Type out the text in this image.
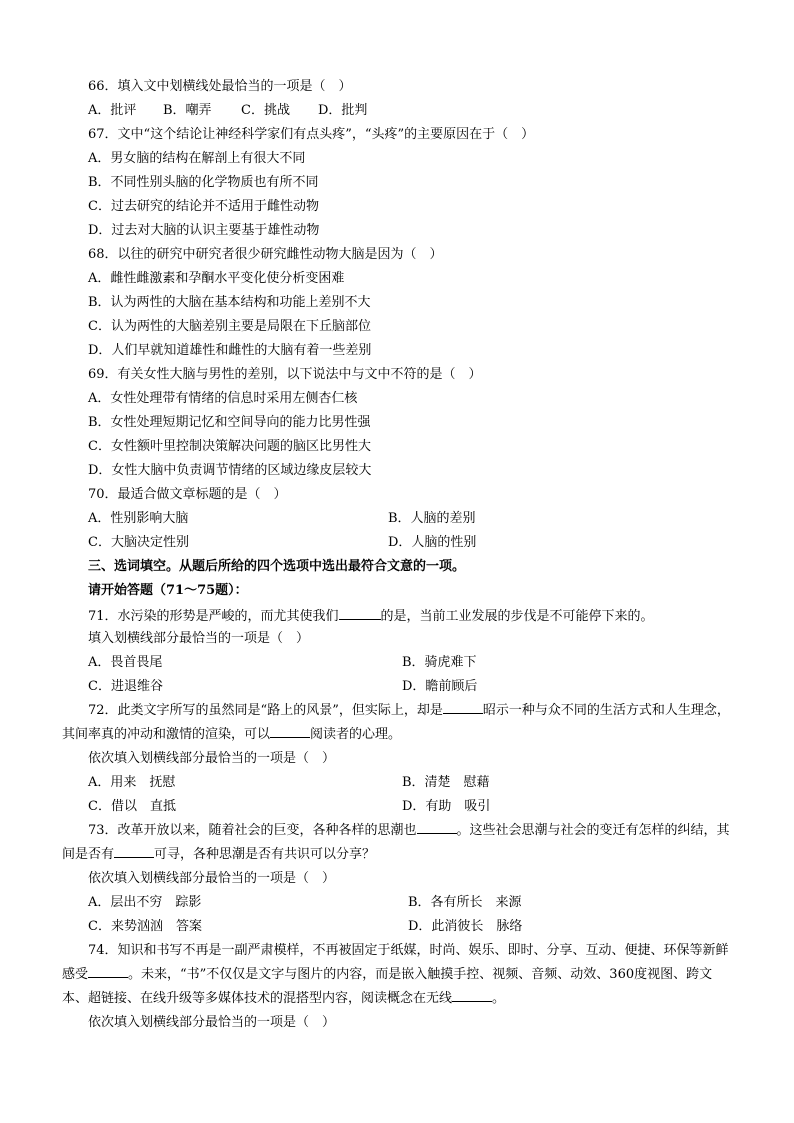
66．填入文中划横线处最恰当的一项是（　）
A．批评 B．嘲弄 C．挑战 D．批判
67．文中“这个结论让神经科学家们有点头疼”，“头疼”的主要原因在于（　）
A．男女脑的结构在解剖上有很大不同
B．不同性别头脑的化学物质也有所不同
C．过去研究的结论并不适用于雌性动物
D．过去对大脑的认识主要基于雄性动物
68．以往的研究中研究者很少研究雌性动物大脑是因为（　）
A．雌性雌激素和孕酮水平变化使分析变困难
B．认为两性的大脑在基本结构和功能上差别不大
C．认为两性的大脑差别主要是局限在下丘脑部位
D．人们早就知道雄性和雌性的大脑有着一些差别
69．有关女性大脑与男性的差别，以下说法中与文中不符的是（　）
A．女性处理带有情绪的信息时采用左侧杏仁核
B．女性处理短期记忆和空间导向的能力比男性强
C．女性额叶里控制决策解决问题的脑区比男性大
D．女性大脑中负责调节情绪的区域边缘皮层较大
70．最适合做文章标题的是（　）
A．性别影响大脑	B．人脑的差别
C．大脑决定性别	D．人脑的性别
三、选词填空。从题后所给的四个选项中选出最符合文意的一项。
请开始答题（71～75题）：
71．水污染的形势是严峻的，而尤其使我们	的是，当前工业发展的步伐是不可能停下来的。
填入划横线部分最恰当的一项是（　）
A．畏首畏尾	B．骑虎难下
C．进退维谷	D．瞻前顾后
72．此类文字所写的虽然同是“路上的风景”，但实际上，却是	昭示一种与众不同的生活方式和人生理念，其间率真的冲动和激情的渲染，可以	阅读者的心理。
依次填入划横线部分最恰当的一项是（　）
A．用来　抚慰	B．清楚　慰藉
C．借以　直抵	D．有助　吸引
73．改革开放以来，随着社会的巨变，各种各样的思潮也	。这些社会思潮与社会的变迁有怎样的纠结，其间是否有	可寻，各种思潮是否有共识可以分享？
依次填入划横线部分最恰当的一项是（　）
A．层出不穷　踪影	B．各有所长　来源
C．来势汹汹　答案	D．此消彼长　脉络
74．知识和书写不再是一副严肃模样，不再被固定于纸媒，时尚、娱乐、即时、分享、互动、便捷、环保等新鲜感受	。未来，“书”不仅仅是文字与图片的内容，而是嵌入触摸手控、视频、音频、动效、360度视图、跨文本、超链接、在线升级等多媒体技术的混搭型内容，阅读概念在无线	。
依次填入划横线部分最恰当的一项是（　）
